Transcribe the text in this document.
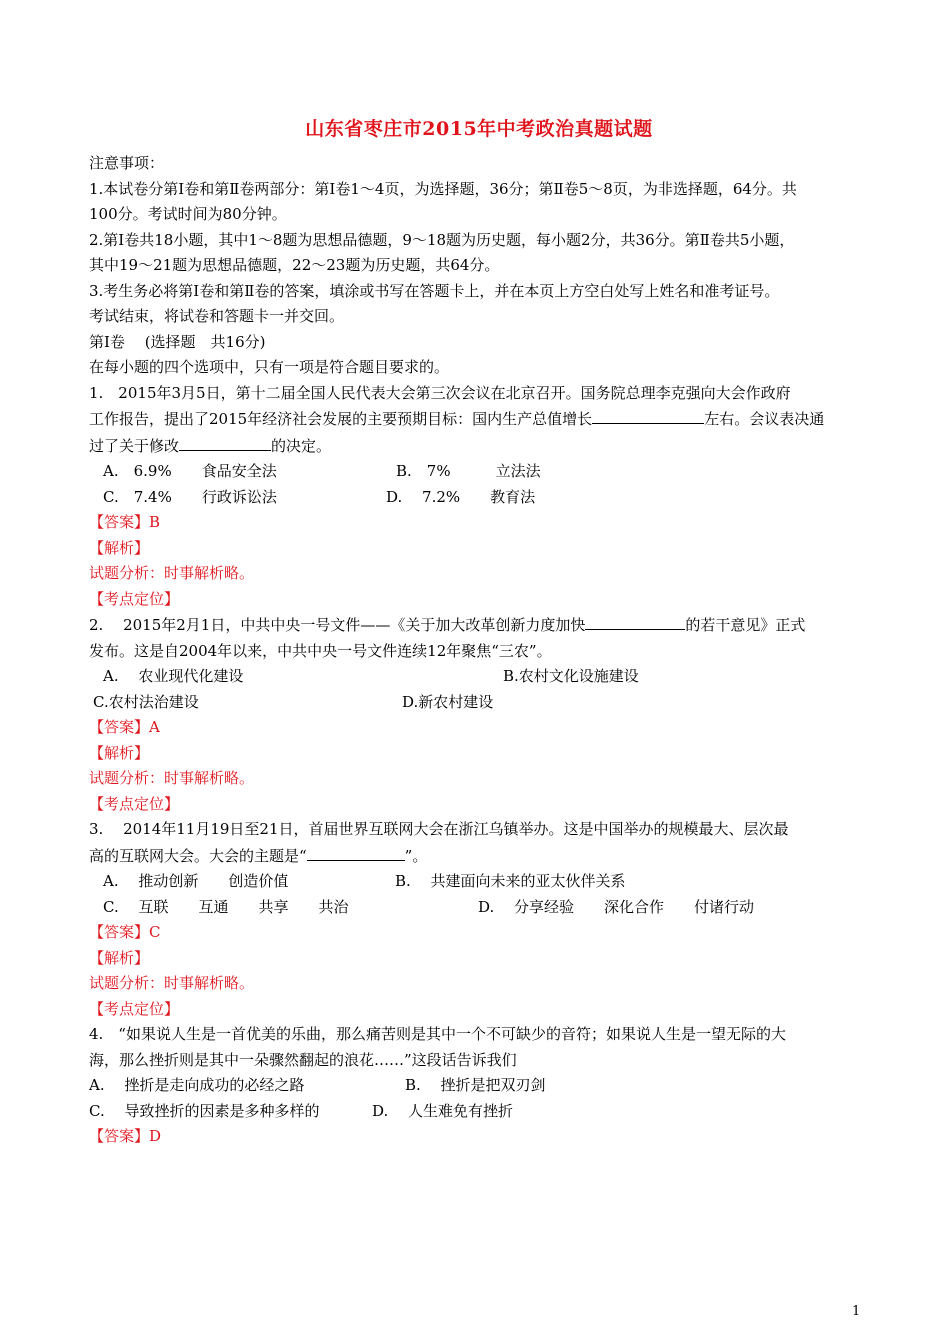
山东省枣庄市2015年中考政治真题试题
注意事项：
1.本试卷分第Ⅰ卷和第Ⅱ卷两部分：第Ⅰ卷1～4页，为选择题，36分；第Ⅱ卷5～8页，为非选择题，64分。共
100分。考试时间为80分钟。
2.第Ⅰ卷共18小题，其中1～8题为思想品德题，9～18题为历史题，每小题2分，共36分。第Ⅱ卷共5小题，
其中19～21题为思想品德题，22～23题为历史题，共64分。
3.考生务必将第Ⅰ卷和第Ⅱ卷的答案，填涂或书写在答题卡上，并在本页上方空白处写上姓名和准考证号。
考试结束，将试卷和答题卡一并交回。
第Ⅰ卷　 (选择题　共16分)
在每小题的四个选项中，只有一项是符合题目要求的。
1.　2015年3月5日，第十二届全国人民代表大会第三次会议在北京召开。国务院总理李克强向大会作政府
工作报告，提出了2015年经济社会发展的主要预期目标：国内生产总值增长	左右。会议表决通
过了关于修改	的决定。
A.　6.9%　　食品安全法	B.　7%　　　立法法
C.　7.4%　　行政诉讼法	D.　 7.2%　　教育法
【答案】B
【解析】
试题分析：时事解析略。
【考点定位】
2.　 2015年2月1日，中共中央一号文件——《关于加大改革创新力度加快	的若干意见》正式
发布。这是自2004年以来，中共中央一号文件连续12年聚焦“三农”。
A.　 农业现代化建设	B.农村文化设施建设
C.农村法治建设	D.新农村建设
【答案】A
【解析】
试题分析：时事解析略。
【考点定位】
3.　 2014年11月19日至21日，首届世界互联网大会在浙江乌镇举办。这是中国举办的规模最大、层次最
高的互联网大会。大会的主题是“	”。
A.　 推动创新　　创造价值	B.　 共建面向未来的亚太伙伴关系
C.　 互联　　互通　　共享　　共治	D.　 分享经验　　深化合作　　付诸行动
【答案】C
【解析】
试题分析：时事解析略。
【考点定位】
4.　“如果说人生是一首优美的乐曲，那么痛苦则是其中一个不可缺少的音符；如果说人生是一望无际的大
海，那么挫折则是其中一朵骤然翻起的浪花……”这段话告诉我们
A.　 挫折是走向成功的必经之路	B.　 挫折是把双刃剑
C.　 导致挫折的因素是多种多样的	D.　 人生难免有挫折
【答案】D
1
